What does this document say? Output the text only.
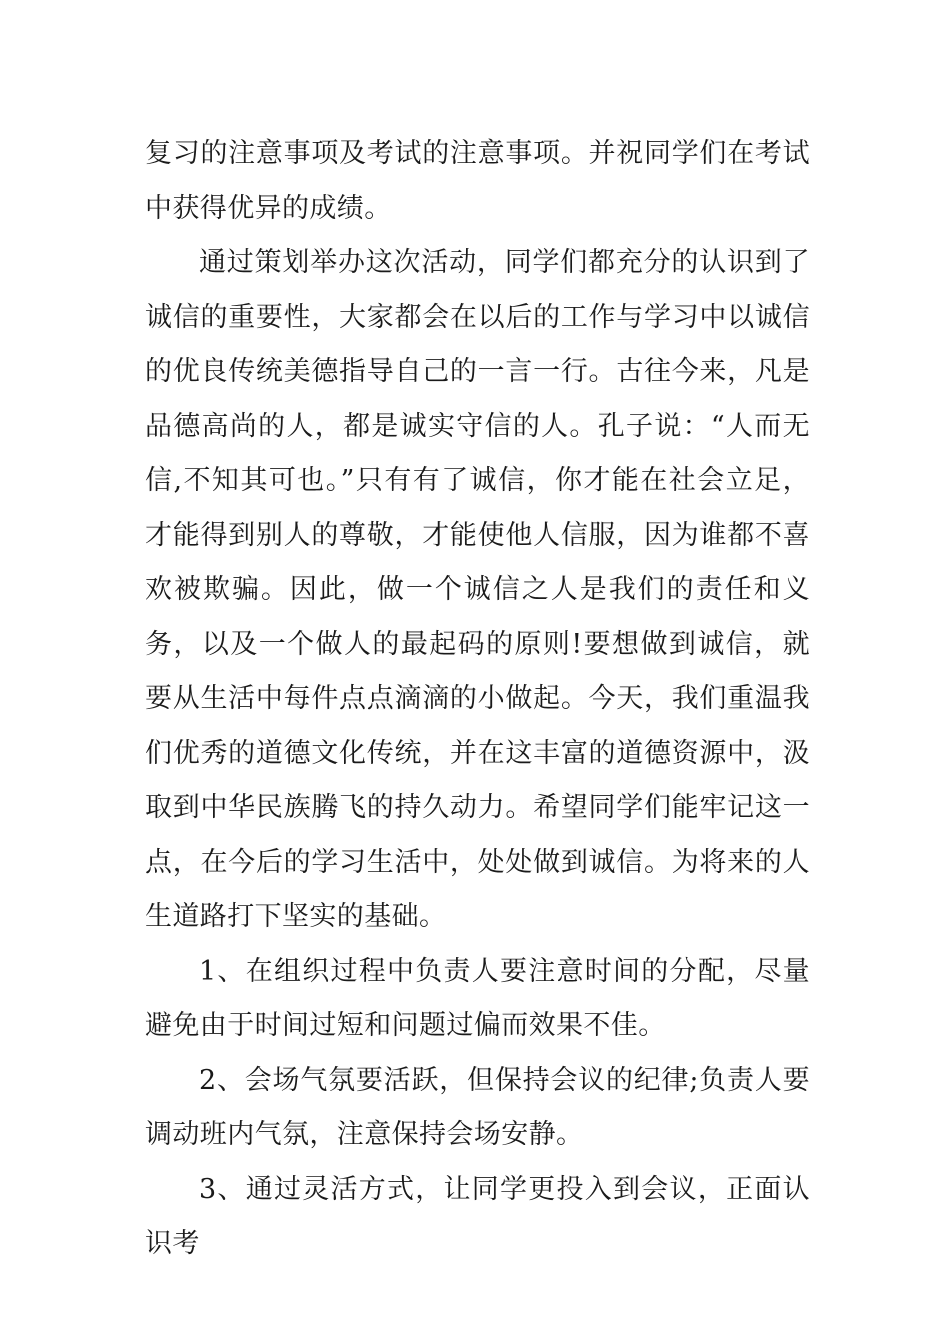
复习的注意事项及考试的注意事项。并祝同学们在考试中获得优异的成绩。

通过策划举办这次活动，同学们都充分的认识到了诚信的重要性，大家都会在以后的工作与学习中以诚信的优良传统美德指导自己的一言一行。古往今来，凡是品德高尚的人，都是诚实守信的人。孔子说：“人而无信,不知其可也。”只有有了诚信，你才能在社会立足，才能得到别人的尊敬，才能使他人信服，因为谁都不喜欢被欺骗。因此，做一个诚信之人是我们的责任和义务，以及一个做人的最起码的原则!要想做到诚信，就要从生活中每件点点滴滴的小做起。今天，我们重温我们优秀的道德文化传统，并在这丰富的道德资源中，汲取到中华民族腾飞的持久动力。希望同学们能牢记这一点，在今后的学习生活中，处处做到诚信。为将来的人生道路打下坚实的基础。

1、在组织过程中负责人要注意时间的分配，尽量避免由于时间过短和问题过偏而效果不佳。

2、会场气氛要活跃，但保持会议的纪律;负责人要调动班内气氛，注意保持会场安静。

3、通过灵活方式，让同学更投入到会议，正面认识考
